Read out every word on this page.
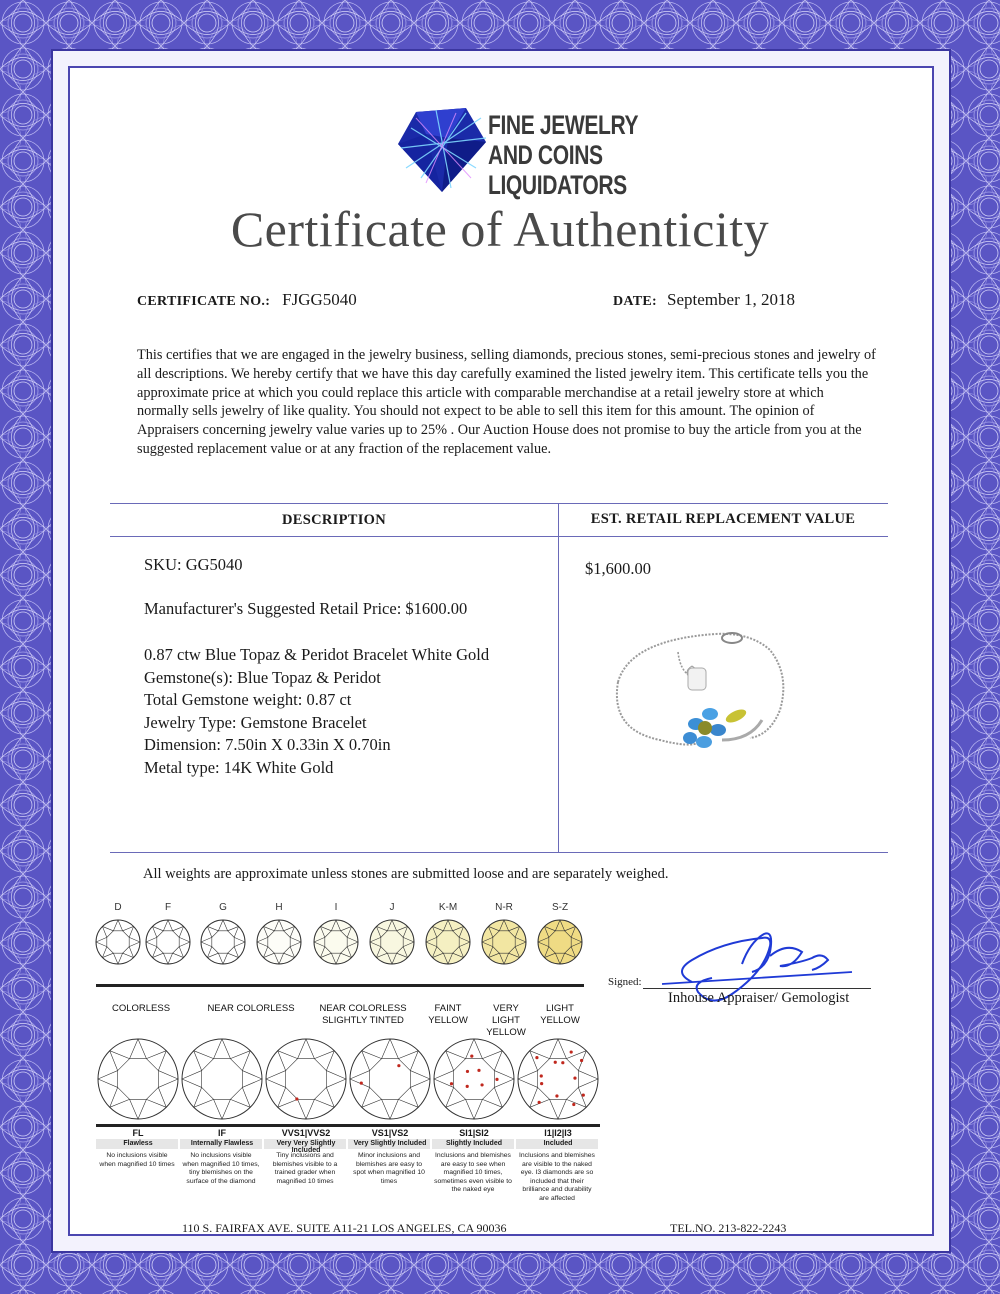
FINE JEWELRY
AND COINS
LIQUIDATORS
Certificate of Authenticity
CERTIFICATE NO.: FJGG5040	DATE: September 1, 2018
This certifies that we are engaged in the jewelry business, selling diamonds, precious stones, semi-precious stones and jewelry of all descriptions. We hereby certify that we have this day carefully examined the listed jewelry item. This certificate tells you the approximate price at which you could replace this article with comparable merchandise at a retail jewelry store at which normally sells jewelry of like quality. You should not expect to be able to sell this item for this amount. The opinion of Appraisers concerning jewelry value varies up to 25% . Our Auction House does not promise to buy the article from you at the suggested replacement value or at any fraction of the replacement value.
DESCRIPTION	EST. RETAIL REPLACEMENT VALUE
SKU: GG5040
Manufacturer's Suggested Retail Price: $1600.00
0.87 ctw Blue Topaz & Peridot Bracelet White Gold
Gemstone(s): Blue Topaz & Peridot
Total Gemstone weight: 0.87 ct
Jewelry Type: Gemstone Bracelet
Dimension: 7.50in X 0.33in X 0.70in
Metal type: 14K White Gold
$1,600.00
All weights are approximate unless stones are submitted loose and are separately weighed.
D	F	G	H	I	J	K-M	N-R	S-Z
COLORLESS	NEAR COLORLESS	NEAR COLORLESS
SLIGHTLY TINTED
FAINT
YELLOW
VERY LIGHT
YELLOW
LIGHT
YELLOW
FL
Flawless
No inclusions visible when magnified 10 times
IF
Internally Flawless
No inclusions visible when magnified 10 times, tiny blemishes on the surface of the diamond
VVS1|VVS2
Very Very Slightly Included
Tiny inclusions and blemishes visible to a trained grader when magnified 10 times
VS1|VS2
Very Slightly Included
Minor inclusions and blemishes are easy to spot when magnified 10 times
SI1|SI2
Slightly Included
Inclusions and blemishes are easy to see when magnified 10 times, sometimes even visible to the naked eye
I1|I2|I3
Included
Inclusions and blemishes are visible to the naked eye. I3 diamonds are so included that their brilliance and durability are affected
Signed:
Inhouse Appraiser/ Gemologist
110 S. FAIRFAX AVE. SUITE A11-21 LOS ANGELES, CA 90036	TEL.NO. 213-822-2243
